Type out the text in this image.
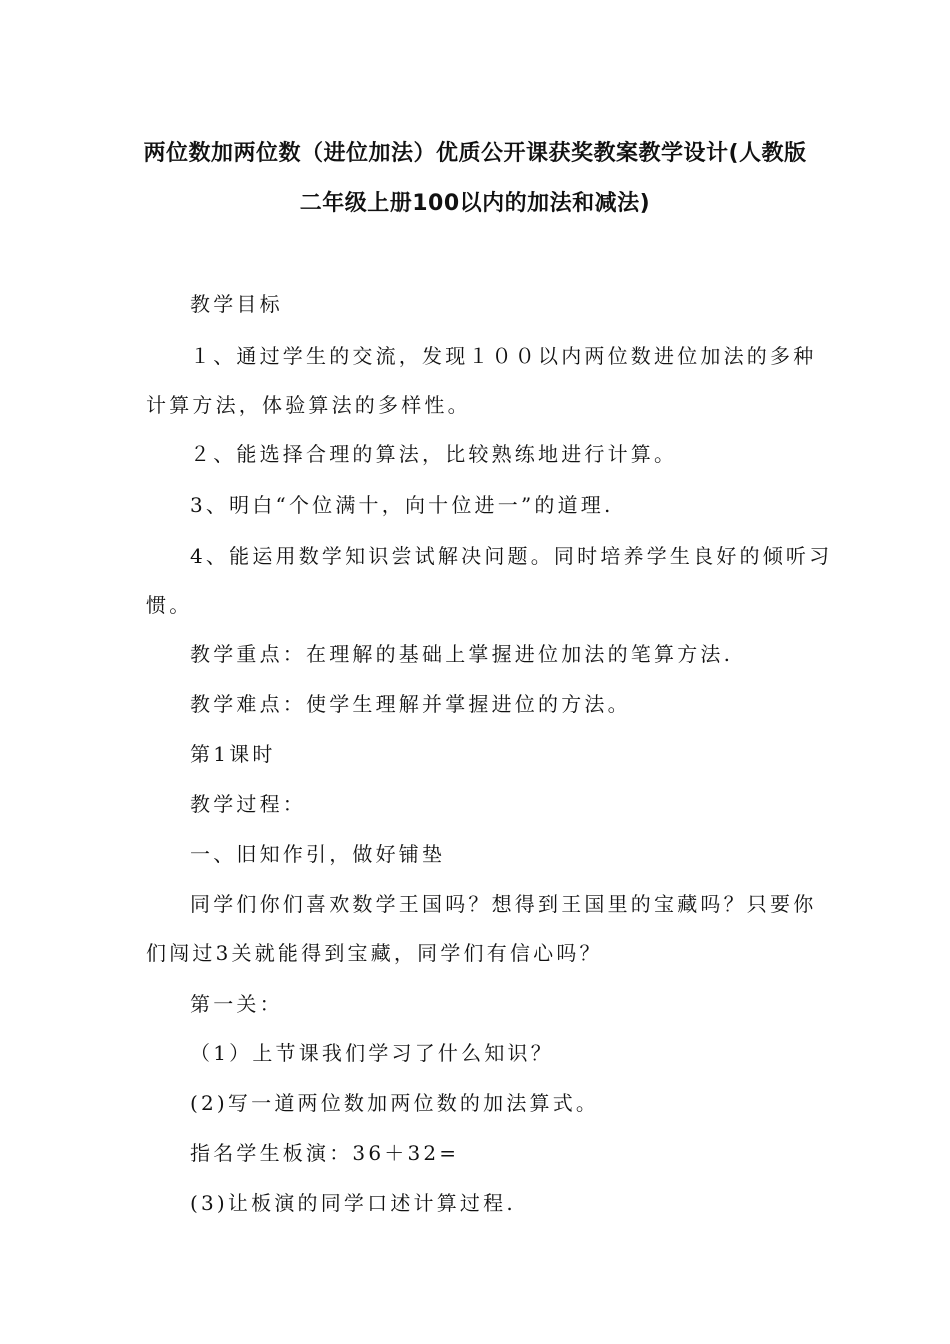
两位数加两位数（进位加法）优质公开课获奖教案教学设计(人教版
二年级上册100以内的加法和减法)
教学目标
１、通过学生的交流，发现１００以内两位数进位加法的多种
计算方法，体验算法的多样性。
２、能选择合理的算法，比较熟练地进行计算。
3、明白“个位满十，向十位进一”的道理.
4、能运用数学知识尝试解决问题。同时培养学生良好的倾听习
惯。
教学重点：在理解的基础上掌握进位加法的笔算方法.
教学难点：使学生理解并掌握进位的方法。
第1课时
教学过程：
一、旧知作引，做好铺垫
同学们你们喜欢数学王国吗？想得到王国里的宝藏吗？只要你
们闯过3关就能得到宝藏，同学们有信心吗？
第一关：
（1）上节课我们学习了什么知识？
(2)写一道两位数加两位数的加法算式。
指名学生板演：36＋32=
(3)让板演的同学口述计算过程.
